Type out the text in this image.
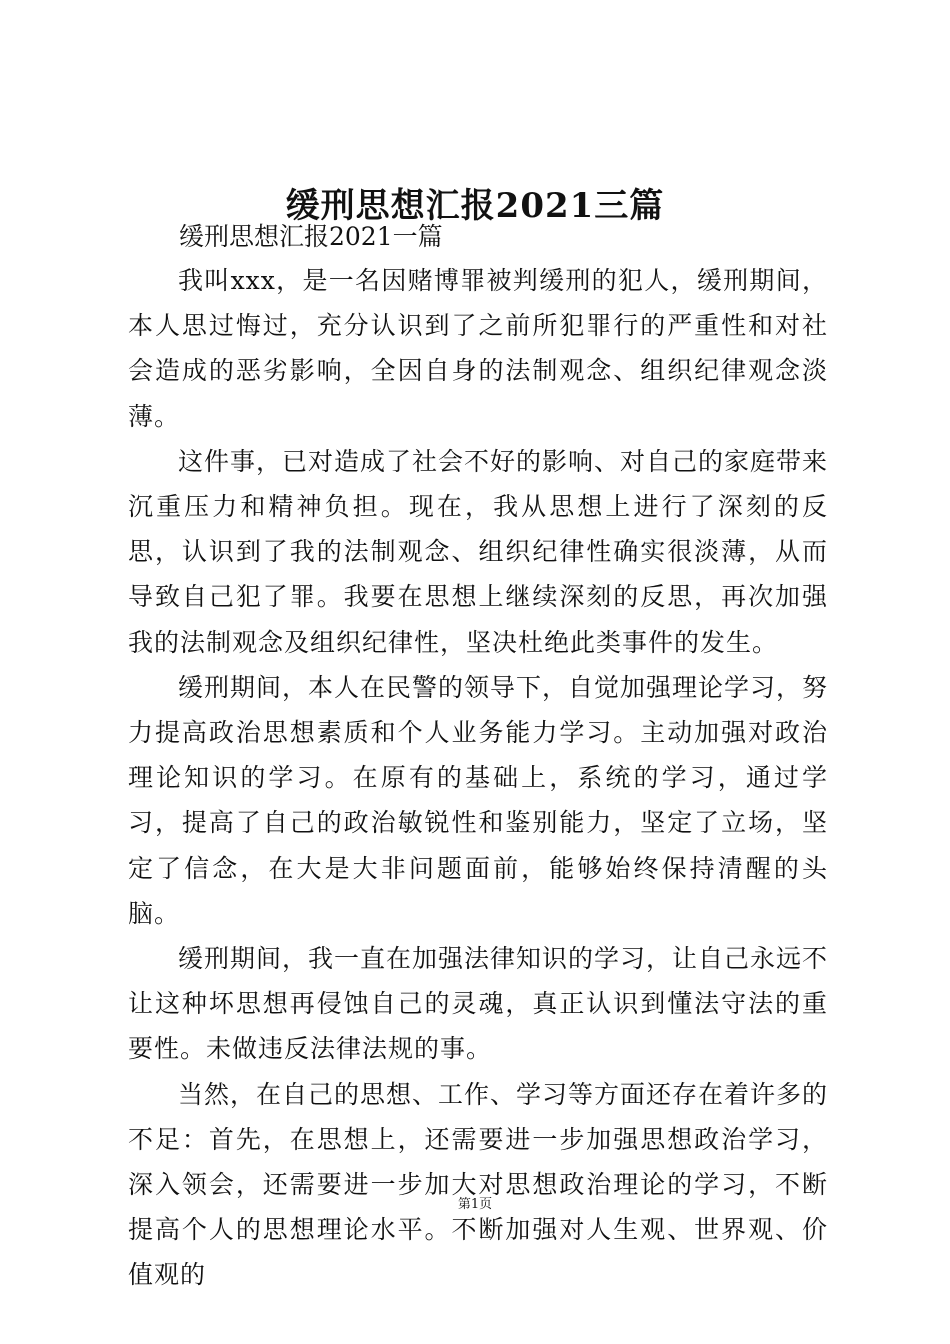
缓刑思想汇报2021三篇
缓刑思想汇报2021一篇

我叫xxx，是一名因赌博罪被判缓刑的犯人，缓刑期间，本人思过悔过，充分认识到了之前所犯罪行的严重性和对社会造成的恶劣影响，全因自身的法制观念、组织纪律观念淡薄。

这件事，已对造成了社会不好的影响、对自己的家庭带来沉重压力和精神负担。现在，我从思想上进行了深刻的反思，认识到了我的法制观念、组织纪律性确实很淡薄，从而导致自己犯了罪。我要在思想上继续深刻的反思，再次加强我的法制观念及组织纪律性，坚决杜绝此类事件的发生。

缓刑期间，本人在民警的领导下，自觉加强理论学习，努力提高政治思想素质和个人业务能力学习。主动加强对政治理论知识的学习。在原有的基础上，系统的学习，通过学习，提高了自己的政治敏锐性和鉴别能力，坚定了立场，坚定了信念，在大是大非问题面前，能够始终保持清醒的头脑。

缓刑期间，我一直在加强法律知识的学习，让自己永远不让这种坏思想再侵蚀自己的灵魂，真正认识到懂法守法的重要性。未做违反法律法规的事。

当然，在自己的思想、工作、学习等方面还存在着许多的不足：首先，在思想上，还需要进一步加强思想政治学习，深入领会，还需要进一步加大对思想政治理论的学习，不断提高个人的思想理论水平。不断加强对人生观、世界观、价值观的

第1页
